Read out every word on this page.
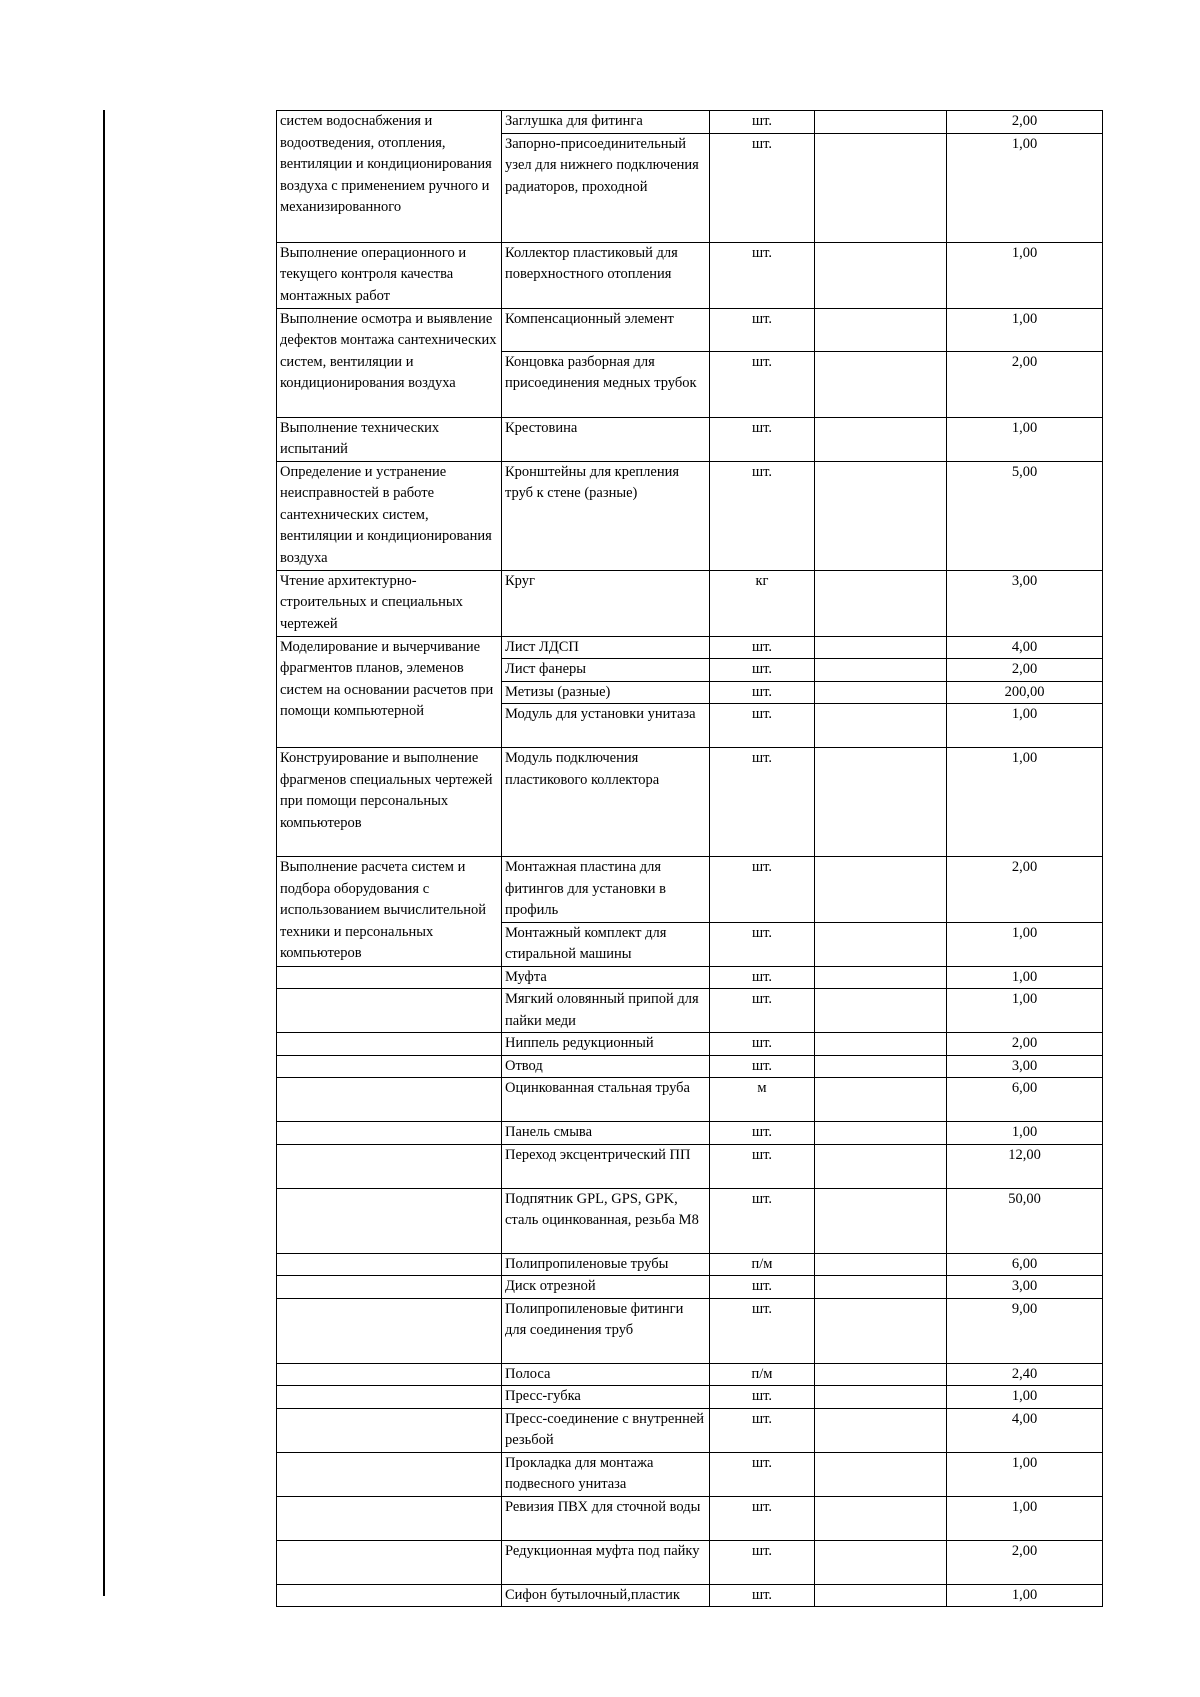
систем водоснабжения и водоотведения, отопления, вентиляции и кондиционирования воздуха с применением ручного и механизированного	Заглушка для фитинга	шт.		2,00
	Запорно-присоединительный узел для нижнего подключения радиаторов, проходной	шт.		1,00
Выполнение операционного и текущего контроля качества монтажных работ	Коллектор пластиковый для поверхностного отопления	шт.		1,00
Выполнение осмотра и выявление дефектов монтажа сантехнических систем, вентиляции и кондиционирования воздуха	Компенсационный элемент	шт.		1,00
	Концовка разборная для присоединения медных трубок	шт.		2,00
Выполнение технических испытаний	Крестовина	шт.		1,00
Определение и устранение неисправностей в работе сантехнических систем, вентиляции и кондиционирования воздуха	Кронштейны для крепления труб к стене (разные)	шт.		5,00
Чтение архитектурно-строительных и специальных чертежей	Круг	кг		3,00
Моделирование и вычерчивание фрагментов планов, элеменов систем на основании расчетов при помощи компьютерной	Лист ЛДСП	шт.		4,00
	Лист фанеры	шт.		2,00
	Метизы (разные)	шт.		200,00
	Модуль для установки унитаза	шт.		1,00
Конструирование и выполнение фрагменов специальных чертежей при помощи персональных компьютеров	Модуль подключения пластикового коллектора	шт.		1,00
Выполнение расчета систем и подбора оборудования с использованием вычислительной техники и персональных компьютеров	Монтажная пластина для фитингов для установки в профиль	шт.		2,00
	Монтажный комплект для стиральной машины	шт.		1,00
	Муфта	шт.		1,00
	Мягкий оловянный припой для пайки меди	шт.		1,00
	Ниппель редукционный	шт.		2,00
	Отвод	шт.		3,00
	Оцинкованная стальная труба	м		6,00
	Панель смыва	шт.		1,00
	Переход эксцентрический ПП	шт.		12,00
	Подпятник GPL, GPS, GPK, сталь оцинкованная, резьба М8	шт.		50,00
	Полипропиленовые трубы	п/м		6,00
	Диск отрезной	шт.		3,00
	Полипропиленовые фитинги для соединения труб	шт.		9,00
	Полоса	п/м		2,40
	Пресс-губка	шт.		1,00
	Пресс-соединение с внутренней резьбой	шт.		4,00
	Прокладка для монтажа подвесного унитаза	шт.		1,00
	Ревизия ПВХ для сточной воды	шт.		1,00
	Редукционная муфта под пайку	шт.		2,00
	Сифон бутылочный,пластик	шт.		1,00
